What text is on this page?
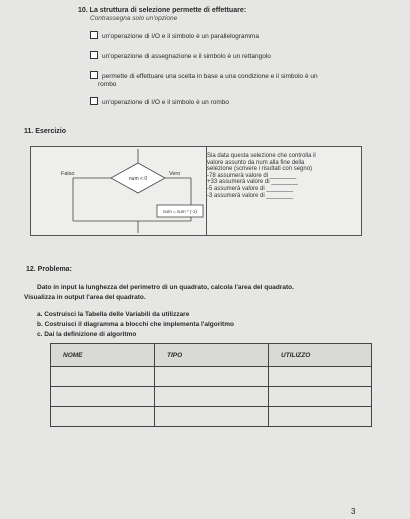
10. La struttura di selezione permette di effettuare:
Contrassegna solo un'opzione
un'operazione di I/O e il simbolo è un parallelogramma
un'operazione di assegnazione e il simbolo è un rettangolo
permette di effettuare una scelta in base a una condizione e il simbolo è un
rombo
un'operazione di I/O e il simbolo è un rombo
11. Esercizio
Falso	Vero
num < 0
num = num * (-1)
Sia data questa selezione che controlla il
valore assunto da num alla fine della
selezione (scrivere i risultati con segno)
-78 assumerà valore di ________
+33 assumerà valore di ________
-5 assumerà valore di ________
-3 assumerà valore di ________
12. Problema:
Dato in input la lunghezza del perimetro di un quadrato, calcola l'area del quadrato.
Visualizza in output l'area del quadrato.
a. Costruisci la Tabella delle Variabili da utilizzare
b. Costruisci il diagramma a blocchi che implementa l'algoritmo
c. Dai la definizione di algoritmo
NOME	TIPO	UTILIZZO

3
